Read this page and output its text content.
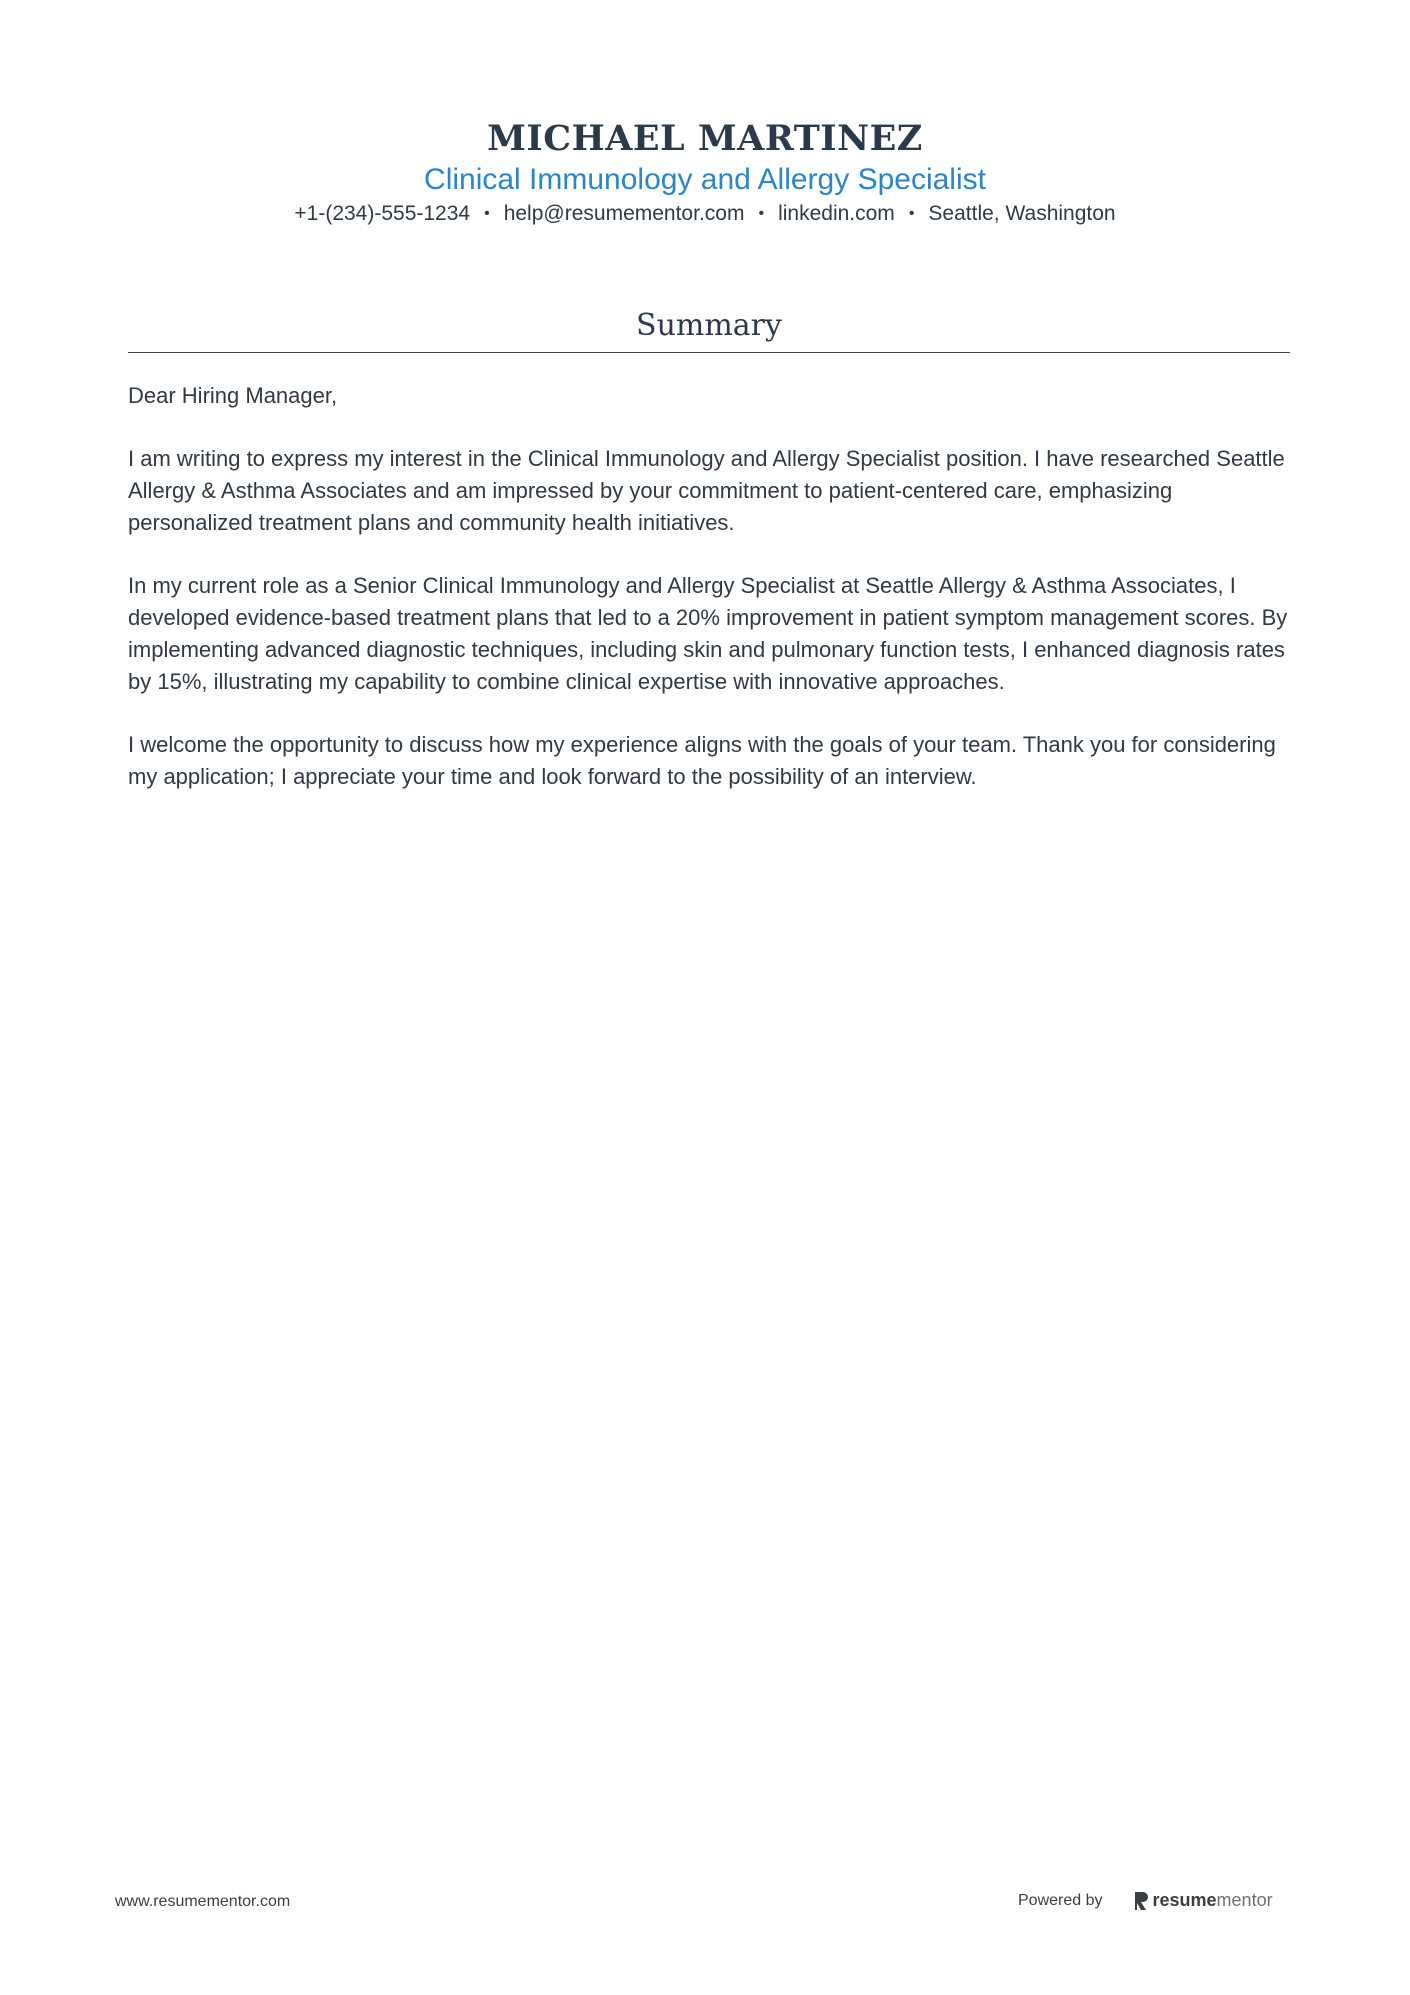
MICHAEL MARTINEZ
Clinical Immunology and Allergy Specialist
+1-(234)-555-1234 • help@resumementor.com • linkedin.com • Seattle, Washington
Summary

Dear Hiring Manager,

I am writing to express my interest in the Clinical Immunology and Allergy Specialist position. I have researched Seattle Allergy & Asthma Associates and am impressed by your commitment to patient-centered care, emphasizing personalized treatment plans and community health initiatives.

In my current role as a Senior Clinical Immunology and Allergy Specialist at Seattle Allergy & Asthma Associates, I developed evidence-based treatment plans that led to a 20% improvement in patient symptom management scores. By implementing advanced diagnostic techniques, including skin and pulmonary function tests, I enhanced diagnosis rates by 15%, illustrating my capability to combine clinical expertise with innovative approaches.

I welcome the opportunity to discuss how my experience aligns with the goals of your team. Thank you for considering my application; I appreciate your time and look forward to the possibility of an interview.

www.resumementor.com	Powered by	resume mentor
